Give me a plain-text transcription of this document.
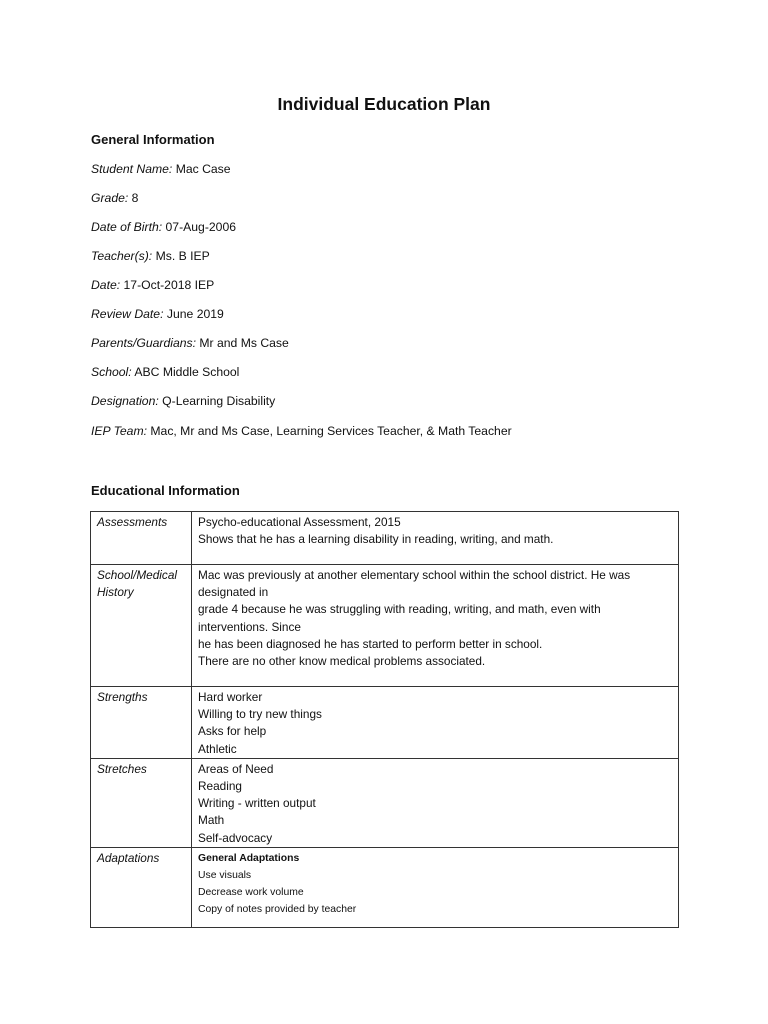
Individual Education Plan
General Information
Student Name: Mac Case
Grade: 8
Date of Birth: 07-Aug-2006
Teacher(s): Ms. B IEP
Date: 17-Oct-2018 IEP
Review Date: June 2019
Parents/Guardians: Mr and Ms Case
School: ABC Middle School
Designation: Q-Learning Disability
IEP Team: Mac, Mr and Ms Case, Learning Services Teacher, & Math Teacher
Educational Information
Assessments	Psycho-educational Assessment, 2015
Shows that he has a learning disability in reading, writing, and math.

School/Medical History	Mac was previously at another elementary school within the school district. He was designated in
grade 4 because he was struggling with reading, writing, and math, even with interventions. Since
he has been diagnosed he has started to perform better in school.
There are no other know medical problems associated.

Strengths	Hard worker
Willing to try new things
Asks for help
Athletic

Stretches	Areas of Need
Reading
Writing - written output
Math
Self-advocacy

Adaptations	General Adaptations
Use visuals
Decrease work volume
Copy of notes provided by teacher
